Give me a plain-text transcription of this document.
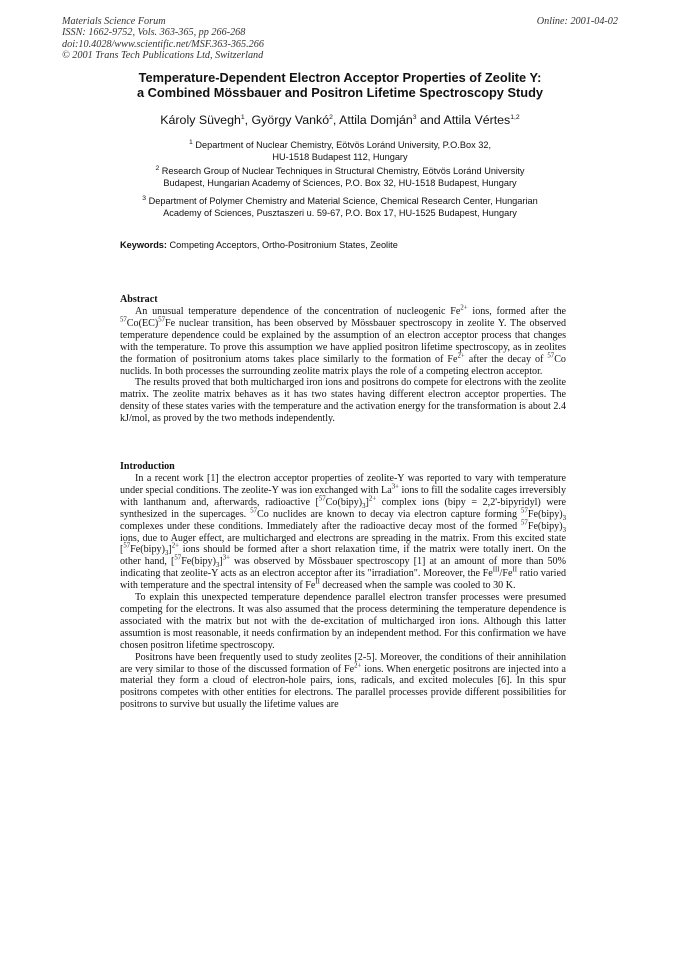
Materials Science Forum
ISSN: 1662-9752, Vols. 363-365, pp 266-268
doi:10.4028/www.scientific.net/MSF.363-365.266
© 2001 Trans Tech Publications Ltd, Switzerland
Online: 2001-04-02
Temperature-Dependent Electron Acceptor Properties of Zeolite Y:
a Combined Mössbauer and Positron Lifetime Spectroscopy Study
Károly Süvegh$^1$, György Vankó$^2$, Attila Domján$^3$ and Attila Vértes$^{1,2}$
$^1$ Department of Nuclear Chemistry, Eötvös Loránd University, P.O.Box 32,
HU-1518 Budapest 112, Hungary
$^2$ Research Group of Nuclear Techniques in Structural Chemistry, Eötvös Loránd University
Budapest, Hungarian Academy of Sciences, P.O. Box 32, HU-1518 Budapest, Hungary
$^3$ Department of Polymer Chemistry and Material Science, Chemical Research Center, Hungarian
Academy of Sciences, Pusztaszeri u. 59-67, P.O. Box 17, HU-1525 Budapest, Hungary
Keywords: Competing Acceptors, Ortho-Positronium States, Zeolite
Abstract

An unusual temperature dependence of the concentration of nucleogenic $Fe^{2+}$ ions, formed after the $^{57}$Co(EC)$^{57}$Fe nuclear transition, has been observed by Mössbauer spectroscopy in zeolite Y. The observed temperature dependence could be explained by the assumption of an electron acceptor process that changes with the temperature. To prove this assumption we have applied positron lifetime spectroscopy, as in zeolites the formation of positronium atoms takes place similarly to the formation of $Fe^{2+}$ after the decay of $^{57}$Co nuclids. In both processes the surrounding zeolite matrix plays the role of a competing electron acceptor.

The results proved that both multicharged iron ions and positrons do compete for electrons with the zeolite matrix. The zeolite matrix behaves as it has two states having different electron acceptor properties. The density of these states varies with the temperature and the activation energy for the transformation is about 2.4 kJ/mol, as proved by the two methods independently.

Introduction

In a recent work [1] the electron acceptor properties of zeolite-Y was reported to vary with temperature under special conditions. The zeolite-Y was ion exchanged with $La^{3+}$ ions to fill the sodalite cages irreversibly with lanthanum and, afterwards, radioactive $[^{57}Co(bipy)_3]^{2+}$ complex ions (bipy = 2,2'-bipyridyl) were synthesized in the supercages. $^{57}$Co nuclides are known to decay via electron capture forming $^{57}Fe(bipy)_3$ complexes under these conditions. Immediately after the radioactive decay most of the formed $^{57}Fe(bipy)_3$ ions, due to Auger effect, are multicharged and electrons are spreading in the matrix. From this excited state $[^{57}Fe(bipy)_3]^{2+}$ ions should be formed after a short relaxation time, if the matrix were totally inert. On the other hand, $[^{57}Fe(bipy)_3]^{3+}$ was observed by Mössbauer spectroscopy [1] at an amount of more than 50% indicating that zeolite-Y acts as an electron acceptor after its "irradiation". Moreover, the $Fe^{III}/Fe^{II}$ ratio varied with temperature and the spectral intensity of $Fe^{II}$ decreased when the sample was cooled to 30 K.

To explain this unexpected temperature dependence parallel electron transfer processes were presumed competing for the electrons. It was also assumed that the process determining the temperature dependence is associated with the matrix but not with the de-excitation of multicharged iron ions. Although this latter assumtion is most reasonable, it needs confirmation by an independent method. For this confirmation we have chosen positron lifetime spectroscopy.

Positrons have been frequently used to study zeolites [2-5]. Moreover, the conditions of their annihilation are very similar to those of the discussed formation of $Fe^{2+}$ ions. When energetic positrons are injected into a material they form a cloud of electron-hole pairs, ions, radicals, and excited molecules [6]. In this spur positrons competes with other entities for electrons. The parallel processes provide different possibilities for positrons to survive but usually the lifetime values are
